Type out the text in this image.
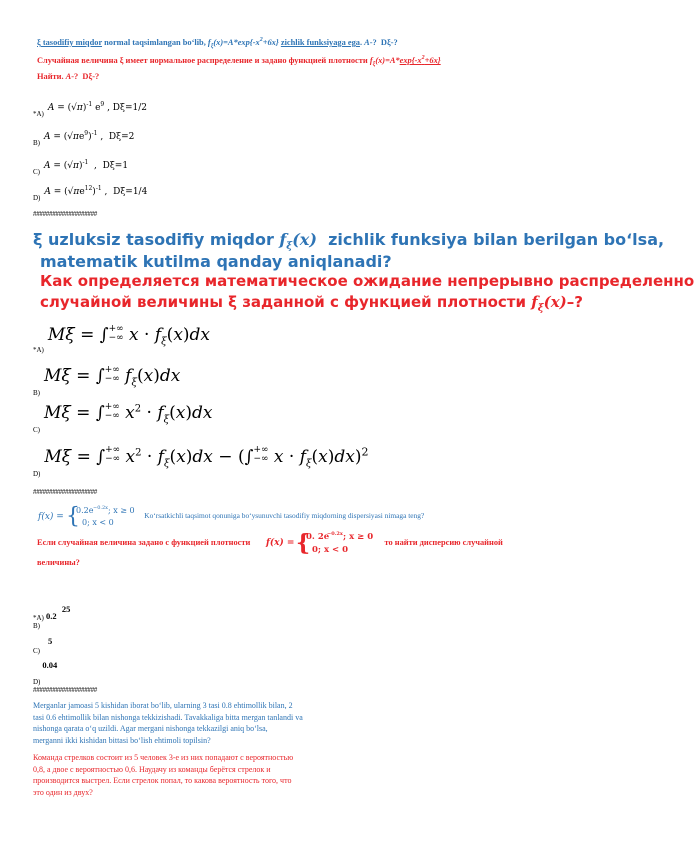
ξ tasodifiy miqdor normal taqsimlangan bo‘lib, $f_\xi(x)=A*\exp\{-x^2+6x\}$ zichlik funksiyaga ega. A-?  Dξ-?
Случайная величина ξ имеет нормальное распределение и задано функцией плотности $f_\xi(x)=A*\exp\{-x^2+6x\}$
Найти. A-?  Dξ-?
$_{*A)}$ $A = (√\pi)^{-1}$ $e^9$ , Dξ=1/2
$_{B)}$ $A = (√\pi e^9)^{-1}$ ,  Dξ=2
$_{C)}$ $A = (√\pi)^{-1}$  ,  Dξ=1
$_{D)}$ $A = (√\pi e^{12})^{-1}$ ,  Dξ=1/4
####################
ξ uzluksiz tasodifiy miqdor $f_\xi(x)$  zichlik funksiya bilan berilgan bo‘lsa,
matematik kutilma qanday aniqlanadi?
Как определяется математическое ожидание непрерывно распределенно
случайной величины ξ заданной с функцией плотности $f_\xi(x)-$?
$_{*A)}$ Mξ = ∫ +∞
−∞ $x \cdot f_\xi(x)dx$
$_{B)}$ Mξ = ∫ +∞
−∞ $f_\xi(x)dx$
$_{C)}$ Mξ = ∫ +∞
−∞ $x^2 \cdot f_\xi(x)dx$
$_{D)}$ Mξ = ∫ +∞
−∞ $x^2 \cdot f_\xi(x)dx$ − (∫ +∞
−∞ $x \cdot f_\xi(x)dx)^2$
####################
f(x) = {
0.2e −0.2x ; x ≥ 0
0; x < 0
Ko‘rsatkichli taqsimot qonuniga bo‘ysunuvchi tasodifiy miqdorning dispersiyasi nimaga teng?
Если случайная величина задано с функцией плотности f(x) = {
0. 2e
−0.2x ; x ≥ 0
0; x < 0
то найти дисперсию случайной
величины?
$_{*A)}$ 25
$_{B)}$ 0.2
$_{C)}$ 5
$_{D)}$ 0.04
####################
Merganlar jamoasi 5 kishidan iborat bo‘lib, ularning 3 tasi 0.8 ehtimollik bilan, 2
tasi 0.6 ehtimollik bilan nishonga tekkizishadi. Tavakkaliga bitta mergan tanlandi va
nishonga qarata o‘q uzildi. Agar mergani nishonga tekkazilgi aniq bo‘lsa,
merganni ikki kishidan bittasi bo‘lish ehtimoli topilsin?
Команда стрелков состоит из 5 человек 3-е из них попадают с вероятностью
0,8, а двое с вероятностью 0,6. Наудачу из команды берётся стрелок и
производится выстрел. Если стрелок попал, то какова вероятность того, что
это один из двух?
